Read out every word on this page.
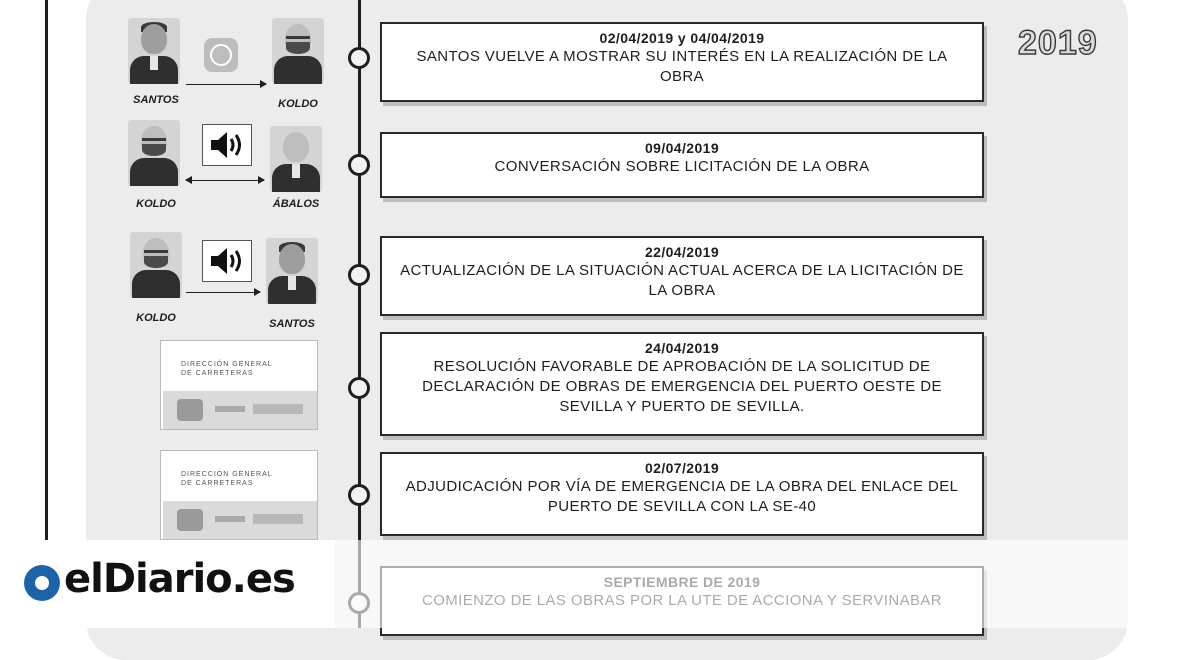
2019
SANTOS	KOLDO
KOLDO	ÁBALOS
KOLDO	SANTOS
DIRECCIÓN GENERAL
DE CARRETERAS
DIRECCIÓN GENERAL
DE CARRETERAS
02/04/2019 y 04/04/2019
SANTOS VUELVE A MOSTRAR SU INTERÉS EN LA REALIZACIÓN DE LA OBRA
09/04/2019
CONVERSACIÓN SOBRE LICITACIÓN DE LA OBRA
22/04/2019
ACTUALIZACIÓN DE LA SITUACIÓN ACTUAL ACERCA DE LA LICITACIÓN DE LA OBRA
24/04/2019
RESOLUCIÓN FAVORABLE DE APROBACIÓN DE LA SOLICITUD DE DECLARACIÓN DE OBRAS DE EMERGENCIA DEL PUERTO OESTE DE SEVILLA Y PUERTO DE SEVILLA.
02/07/2019
ADJUDICACIÓN POR VÍA DE EMERGENCIA DE LA OBRA DEL ENLACE DEL PUERTO DE SEVILLA CON LA SE-40
elDiario.es
